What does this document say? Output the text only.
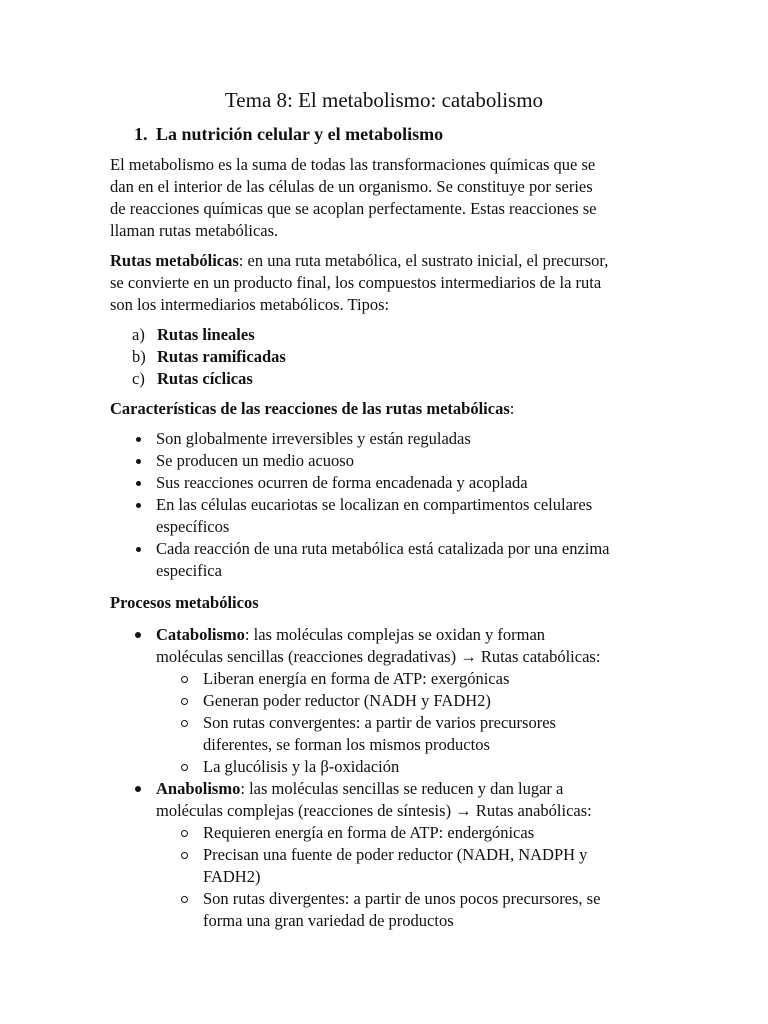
Tema 8: El metabolismo: catabolismo
1. La nutrición celular y el metabolismo

El metabolismo es la suma de todas las transformaciones químicas que se
dan en el interior de las células de un organismo. Se constituye por series
de reacciones químicas que se acoplan perfectamente. Estas reacciones se
llaman rutas metabólicas.

Rutas metabólicas: en una ruta metabólica, el sustrato inicial, el precursor,
se convierte en un producto final, los compuestos intermediarios de la ruta
son los intermediarios metabólicos. Tipos:

a) Rutas lineales
b) Rutas ramificadas
c) Rutas cíclicas

Características de las reacciones de las rutas metabólicas:

Son globalmente irreversibles y están reguladas
Se producen un medio acuoso
Sus reacciones ocurren de forma encadenada y acoplada
En las células eucariotas se localizan en compartimentos celulares
específicos
Cada reacción de una ruta metabólica está catalizada por una enzima
especifica

Procesos metabólicos

Catabolismo: las moléculas complejas se oxidan y forman
moléculas sencillas (reacciones degradativas) → Rutas catabólicas:
Liberan energía en forma de ATP: exergónicas
Generan poder reductor (NADH y FADH2)
Son rutas convergentes: a partir de varios precursores
diferentes, se forman los mismos productos
La glucólisis y la β-oxidación
Anabolismo: las moléculas sencillas se reducen y dan lugar a
moléculas complejas (reacciones de síntesis) → Rutas anabólicas:
Requieren energía en forma de ATP: endergónicas
Precisan una fuente de poder reductor (NADH, NADPH y
FADH2)
Son rutas divergentes: a partir de unos pocos precursores, se
forma una gran variedad de productos
